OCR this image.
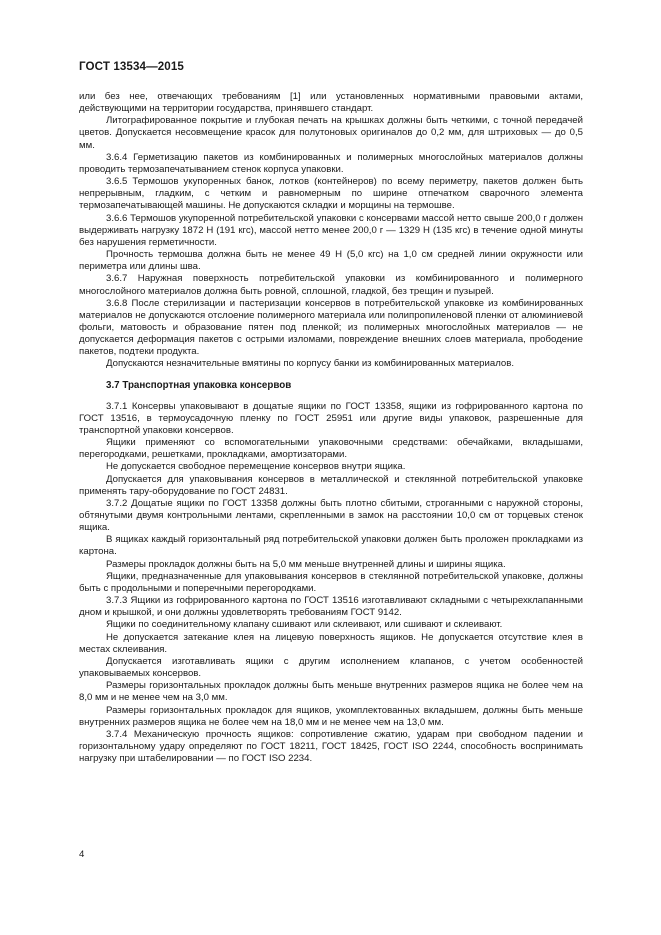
ГОСТ 13534—2015

или без нее, отвечающих требованиям [1] или установленных нормативными правовыми актами, действующими на территории государства, принявшего стандарт.

Литографированное покрытие и глубокая печать на крышках должны быть четкими, с точной передачей цветов. Допускается несовмещение красок для полутоновых оригиналов до 0,2 мм, для штриховых — до 0,5 мм.

3.6.4 Герметизацию пакетов из комбинированных и полимерных многослойных материалов должны проводить термозапечатыванием стенок корпуса упаковки.

3.6.5 Термошов укупоренных банок, лотков (контейнеров) по всему периметру, пакетов должен быть непрерывным, гладким, с четким и равномерным по ширине отпечатком сварочного элемента термозапечатывающей машины. Не допускаются складки и морщины на термошве.

3.6.6 Термошов укупоренной потребительской упаковки с консервами массой нетто свыше 200,0 г должен выдерживать нагрузку 1872 Н (191 кгс), массой нетто менее 200,0 г — 1329 Н (135 кгс) в течение одной минуты без нарушения герметичности.

Прочность термошва должна быть не менее 49 Н (5,0 кгс) на 1,0 см средней линии окружности или периметра или длины шва.

3.6.7 Наружная поверхность потребительской упаковки из комбинированного и полимерного многослойного материалов должна быть ровной, сплошной, гладкой, без трещин и пузырей.

3.6.8 После стерилизации и пастеризации консервов в потребительской упаковке из комбинированных материалов не допускаются отслоение полимерного материала или полипропиленовой пленки от алюминиевой фольги, матовость и образование пятен под пленкой; из полимерных многослойных материалов — не допускается деформация пакетов с острыми изломами, повреждение внешних слоев материала, прободение пакетов, подтеки продукта.

Допускаются незначительные вмятины по корпусу банки из комбинированных материалов.

3.7 Транспортная упаковка консервов

3.7.1 Консервы упаковывают в дощатые ящики по ГОСТ 13358, ящики из гофрированного картона по ГОСТ 13516, в термоусадочную пленку по ГОСТ 25951 или другие виды упаковок, разрешенные для транспортной упаковки консервов.

Ящики применяют со вспомогательными упаковочными средствами: обечайками, вкладышами, перегородками, решетками, прокладками, амортизаторами.

Не допускается свободное перемещение консервов внутри ящика.

Допускается для упаковывания консервов в металлической и стеклянной потребительской упаковке применять тару-оборудование по ГОСТ 24831.

3.7.2 Дощатые ящики по ГОСТ 13358 должны быть плотно сбитыми, строганными с наружной стороны, обтянутыми двумя контрольными лентами, скрепленными в замок на расстоянии 10,0 см от торцевых стенок ящика.

В ящиках каждый горизонтальный ряд потребительской упаковки должен быть проложен прокладками из картона.

Размеры прокладок должны быть на 5,0 мм меньше внутренней длины и ширины ящика.

Ящики, предназначенные для упаковывания консервов в стеклянной потребительской упаковке, должны быть с продольными и поперечными перегородками.

3.7.3 Ящики из гофрированного картона по ГОСТ 13516 изготавливают складными с четырехклапанными дном и крышкой, и они должны удовлетворять требованиям ГОСТ 9142.

Ящики по соединительному клапану сшивают или склеивают, или сшивают и склеивают.

Не допускается затекание клея на лицевую поверхность ящиков. Не допускается отсутствие клея в местах склеивания.

Допускается изготавливать ящики с другим исполнением клапанов, с учетом особенностей упаковываемых консервов.

Размеры горизонтальных прокладок должны быть меньше внутренних размеров ящика не более чем на 8,0 мм и не менее чем на 3,0 мм.

Размеры горизонтальных прокладок для ящиков, укомплектованных вкладышем, должны быть меньше внутренних размеров ящика не более чем на 18,0 мм и не менее чем на 13,0 мм.

3.7.4 Механическую прочность ящиков: сопротивление сжатию, ударам при свободном падении и горизонтальному удару определяют по ГОСТ 18211, ГОСТ 18425, ГОСТ ISO 2244, способность воспринимать нагрузку при штабелировании — по ГОСТ ISO 2234.

4
